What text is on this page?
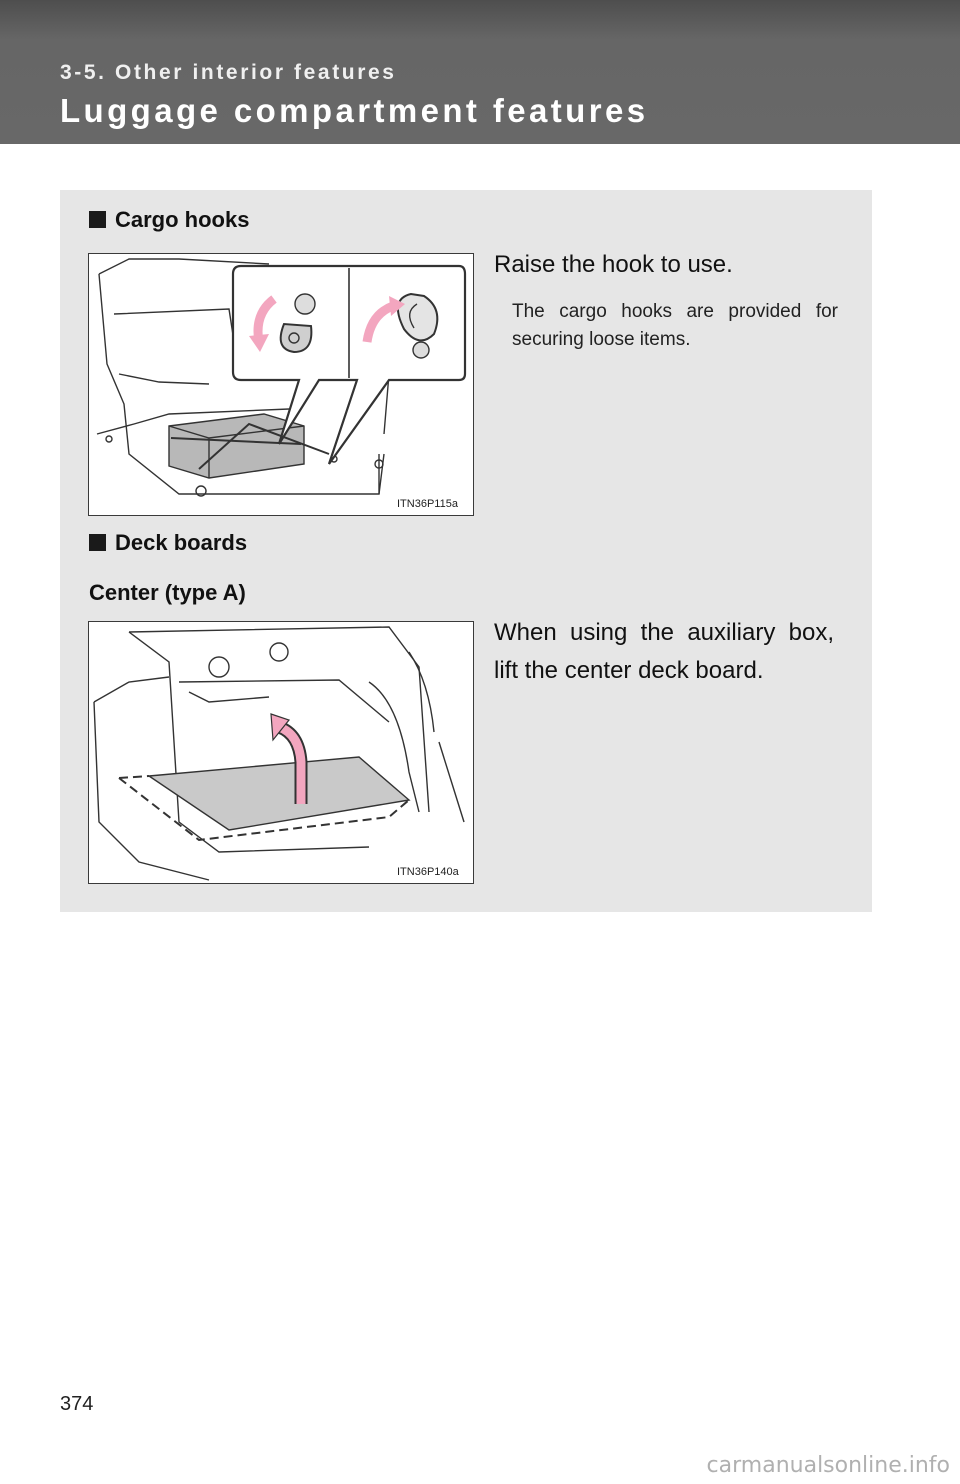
3-5. Other interior features
Luggage compartment features
Cargo hooks
ITN36P115a
Raise the hook to use.
The cargo hooks are provided for securing loose items.
Deck boards
Center (type A)
ITN36P140a
When using the auxiliary box, lift the center deck board.
374
carmanualsonline.info
